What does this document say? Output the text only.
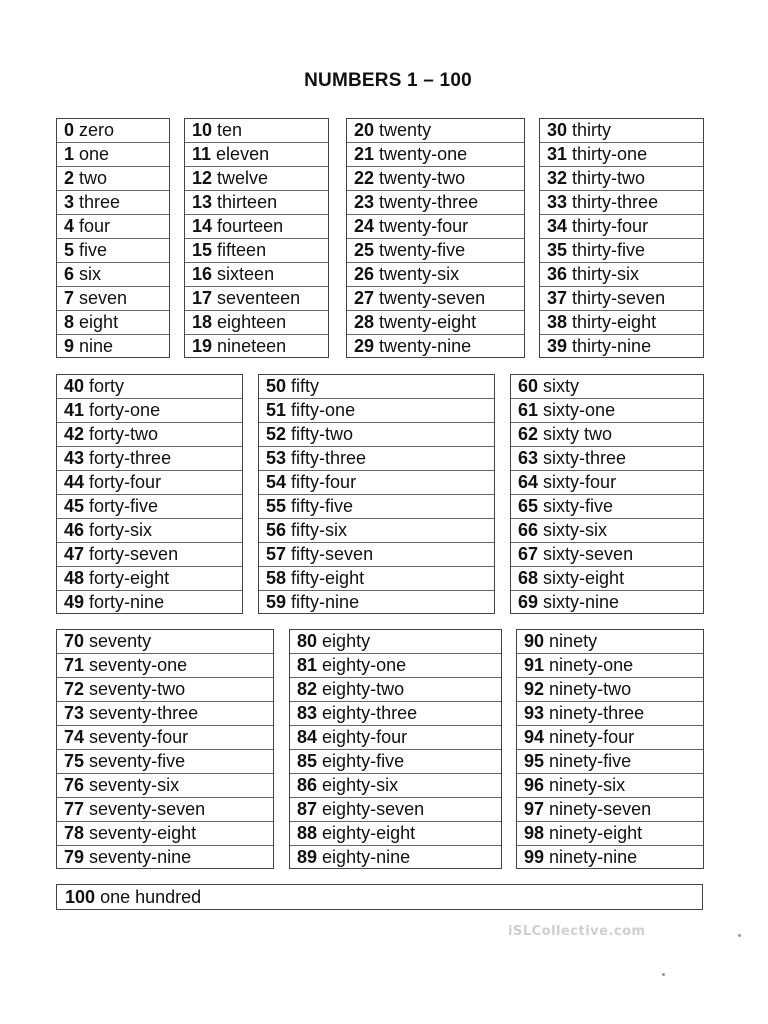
NUMBERS 1 – 100
0 zero
1 one
2 two
3 three
4 four
5 five
6 six
7 seven
8 eight
9 nine
10 ten
11 eleven
12 twelve
13 thirteen
14 fourteen
15 fifteen
16 sixteen
17 seventeen
18 eighteen
19 nineteen
20 twenty
21 twenty-one
22 twenty-two
23 twenty-three
24 twenty-four
25 twenty-five
26 twenty-six
27 twenty-seven
28 twenty-eight
29 twenty-nine
30 thirty
31 thirty-one
32 thirty-two
33 thirty-three
34 thirty-four
35 thirty-five
36 thirty-six
37 thirty-seven
38 thirty-eight
39 thirty-nine
40 forty
41 forty-one
42 forty-two
43 forty-three
44 forty-four
45 forty-five
46 forty-six
47 forty-seven
48 forty-eight
49 forty-nine
50 fifty
51 fifty-one
52 fifty-two
53 fifty-three
54 fifty-four
55 fifty-five
56 fifty-six
57 fifty-seven
58 fifty-eight
59 fifty-nine
60 sixty
61 sixty-one
62 sixty two
63 sixty-three
64 sixty-four
65 sixty-five
66 sixty-six
67 sixty-seven
68 sixty-eight
69 sixty-nine
70 seventy
71 seventy-one
72 seventy-two
73 seventy-three
74 seventy-four
75 seventy-five
76 seventy-six
77 seventy-seven
78 seventy-eight
79 seventy-nine
80 eighty
81 eighty-one
82 eighty-two
83 eighty-three
84 eighty-four
85 eighty-five
86 eighty-six
87 eighty-seven
88 eighty-eight
89 eighty-nine
90 ninety
91 ninety-one
92 ninety-two
93 ninety-three
94 ninety-four
95 ninety-five
96 ninety-six
97 ninety-seven
98 ninety-eight
99 ninety-nine
100 one hundred
iSLCollective.com
